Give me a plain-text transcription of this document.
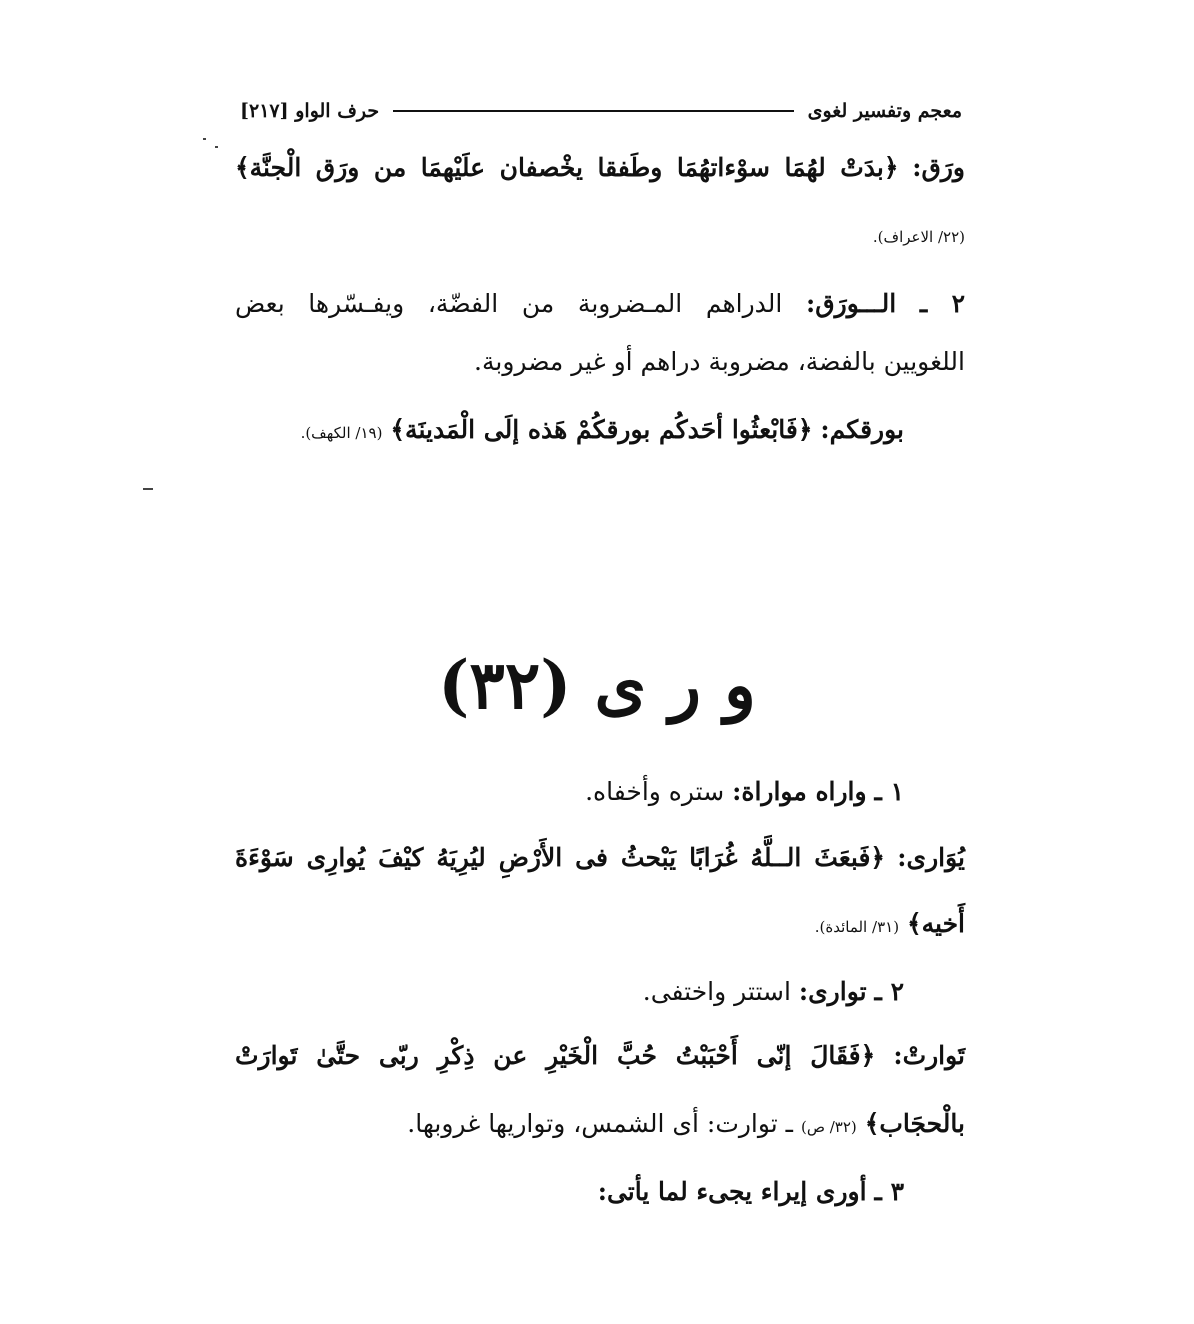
معجم وتفسير لغوى
حرف الواو [٢١٧]
ورَق: ﴿بدَتْ لهُمَا سوْءاتهُمَا وطَفقا يخْصفان علَيْهمَا من ورَق الْجنَّة﴾
(٢٢/ الاعراف).
٢ ـ الـــورَق: الدراهم المـضروبة من الفضّة، ويفـسّرها بعض
اللغويين بالفضة، مضروبة دراهم أو غير مضروبة.
بورقكم: ﴿فَابْعثُوا أحَدكُم بورقكُمْ هَذه إلَى الْمَدينَة﴾ (١٩/ الكهف).
و ر ى (٣٢)
١ ـ واراه مواراة: ستره وأخفاه.
يُوَارى: ﴿فَبعَثَ الــلَّهُ غُرَابًا يَبْحثُ فى الأَرْضِ ليُرِيَهُ كيْفَ يُوارِى سَوْءَةَ
أَخيه﴾ (٣١/ المائدة).
٢ ـ توارى: استتر واختفى.
تَوارتْ: ﴿فَقَالَ إنّى أَحْبَبْتُ حُبَّ الْخَيْرِ عن ذِكْرِ ربّى حتَّىٰ تَوارَتْ
بالْحجَاب﴾ (٣٢/ ص) ـ توارت: أى الشمس، وتواريها غروبها.
٣ ـ أورى إيراء يجىء لما يأتى:
